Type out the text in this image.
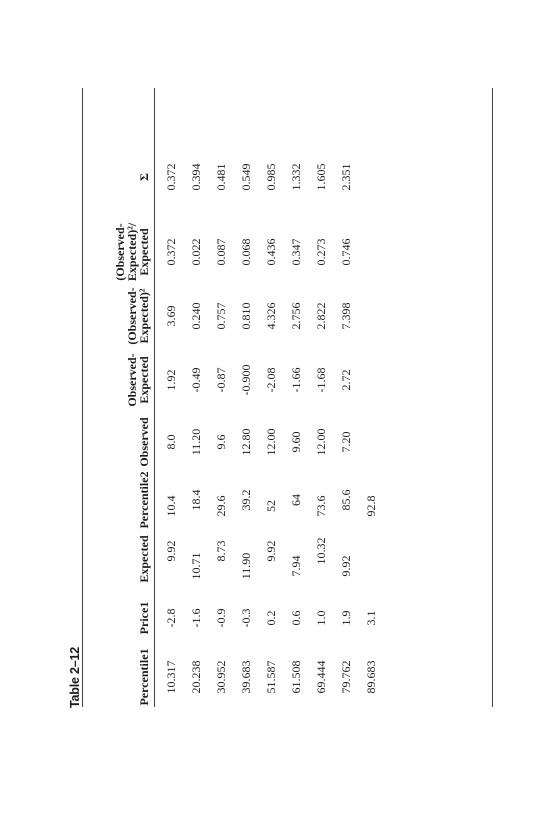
Table 2–12	Percentile1
Price1
Expected
Percentile2
Observed
Observed-
Expected
(Observed-
Expected)²
(Observed-
Expected)²/
Expected
Σ
10.317
-2.8
9.92
10.4
8.0
1.92
3.69
0.372
0.372
20.238
-1.6
10.71
18.4
11.20
-0.49
0.240
0.022
0.394
30.952
-0.9
8.73
29.6
9.6
-0.87
0.757
0.087
0.481
39.683
-0.3
11.90
39.2
12.80
-0.900
0.810
0.068
0.549
51.587
0.2
9.92
52
12.00
-2.08
4.326
0.436
0.985
61.508
0.6
7.94
64
9.60
-1.66
2.756
0.347
1.332
69.444
1.0
10.32
73.6
12.00
-1.68
2.822
0.273
1.605
79.762
1.9
9.92
85.6
7.20
2.72
7.398
0.746
2.351
89.683
3.1
92.8
